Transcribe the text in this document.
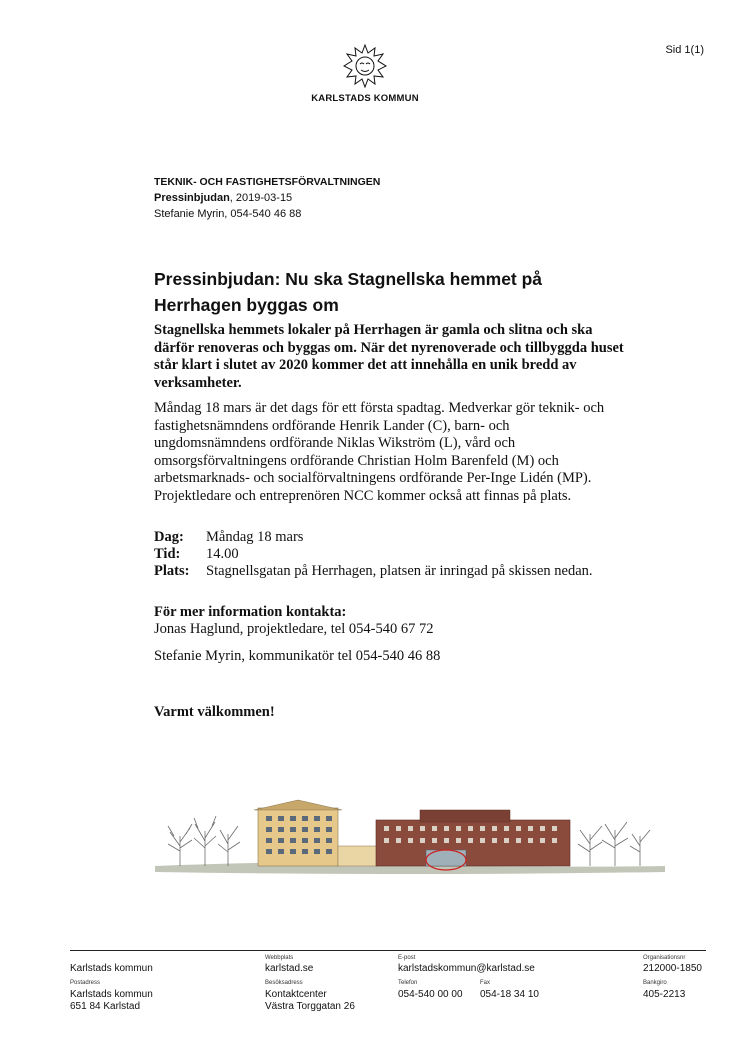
Sid 1(1)
KARLSTADS KOMMUN
TEKNIK- OCH FASTIGHETSFÖRVALTNINGEN
Pressinbjudan, 2019-03-15
Stefanie Myrin, 054-540 46 88
Pressinbjudan: Nu ska Stagnellska hemmet på Herrhagen byggas om
Stagnellska hemmets lokaler på Herrhagen är gamla och slitna och ska därför renoveras och byggas om. När det nyrenoverade och tillbyggda huset står klart i slutet av 2020 kommer det att innehålla en unik bredd av verksamheter.
Måndag 18 mars är det dags för ett första spadtag. Medverkar gör teknik- och fastighetsnämndens ordförande Henrik Lander (C), barn- och ungdomsnämndens ordförande Niklas Wikström (L), vård och omsorgsförvaltningens ordförande Christian Holm Barenfeld (M) och arbetsmarknads- och socialförvaltningens ordförande Per-Inge Lidén (MP). Projektledare och entreprenören NCC kommer också att finnas på plats.
Dag: Måndag 18 mars
Tid: 14.00
Plats: Stagnellsgatan på Herrhagen, platsen är inringad på skissen nedan.
För mer information kontakta:
Jonas Haglund, projektledare, tel 054-540 67 72
Stefanie Myrin, kommunikatör tel 054-540 46 88
Varmt välkommen!
Karlstads kommun
Webbplats
karlstad.se
E-post
karlstadskommun@karlstad.se
Organisationsnr
212000-1850
Postadress
Karlstads kommun
651 84 Karlstad
Besöksadress
Kontaktcenter
Västra Torggatan 26
Telefon
054-540 00 00
Fax
054-18 34 10
Bankgiro
405-2213
